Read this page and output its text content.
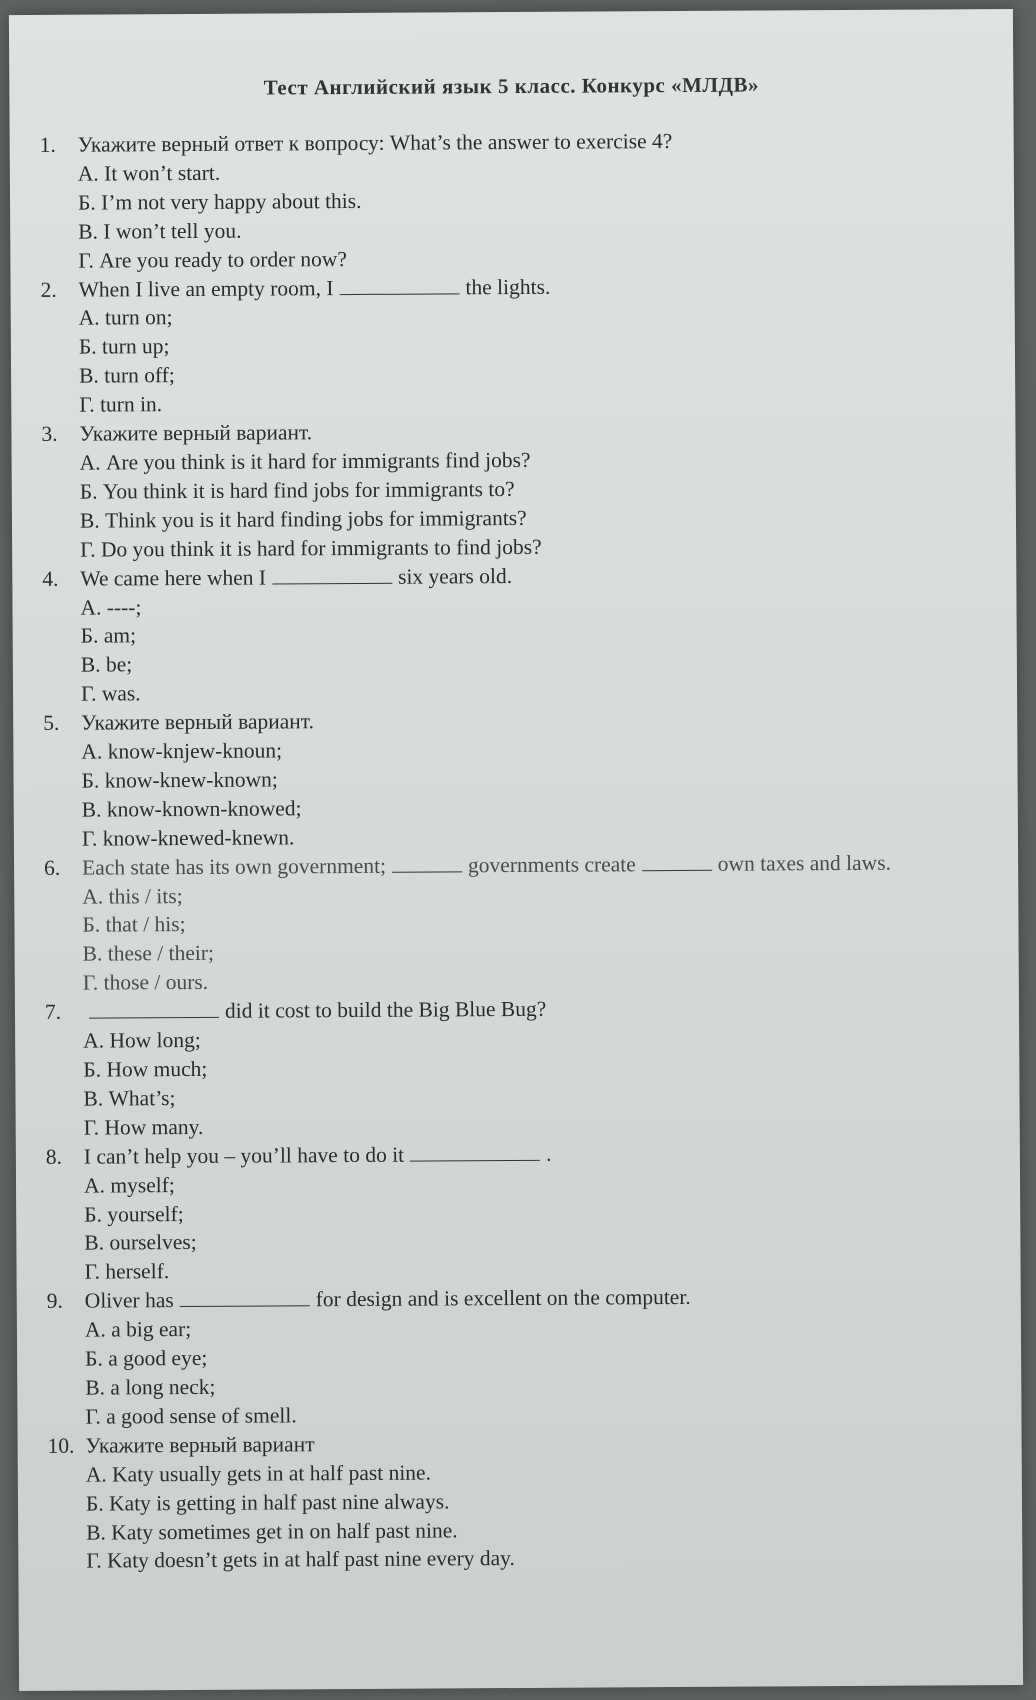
Тест Английский язык 5 класс. Конкурс «МЛДВ»
1.	Укажите верный ответ к вопросу: What’s the answer to exercise 4?
А. It won’t start.
Б. I’m not very happy about this.
В. I won’t tell you.
Г. Are you ready to order now?
2.	When I live an empty room, I	the lights.
А. turn on;
Б. turn up;
В. turn off;
Г. turn in.
3.	Укажите верный вариант.
А. Are you think is it hard for immigrants find jobs?
Б. You think it is hard find jobs for immigrants to?
В. Think you is it hard finding jobs for immigrants?
Г. Do you think it is hard for immigrants to find jobs?
4.	We came here when I	six years old.
А. ----;
Б. am;
В. be;
Г. was.
5.	Укажите верный вариант.
А. know-knjew-knoun;
Б. know-knew-known;
В. know-known-knowed;
Г. know-knewed-knewn.
6.	Each state has its own government;	governments create	own taxes and laws.
А. this / its;
Б. that / his;
В. these / their;
Г. those / ours.
7.	did it cost to build the Big Blue Bug?
А. How long;
Б. How much;
В. What’s;
Г. How many.
8.	I can’t help you – you’ll have to do it	.
А. myself;
Б. yourself;
В. ourselves;
Г. herself.
9.	Oliver has	for design and is excellent on the computer.
А. a big ear;
Б. a good eye;
В. a long neck;
Г. a good sense of smell.
10. Укажите верный вариант
А. Katy usually gets in at half past nine.
Б. Katy is getting in half past nine always.
В. Katy sometimes get in on half past nine.
Г. Katy doesn’t gets in at half past nine every day.
